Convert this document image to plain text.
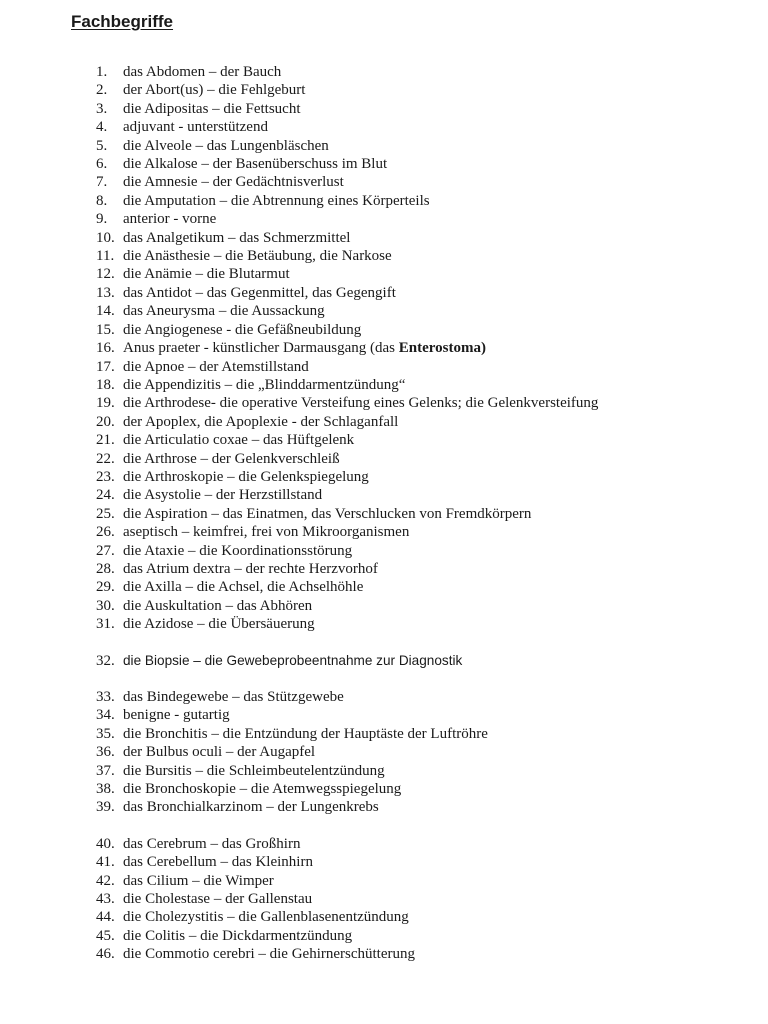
Fachbegriffe
1.	das Abdomen – der Bauch
2.	der Abort(us) – die Fehlgeburt
3.	die Adipositas – die Fettsucht
4.	adjuvant - unterstützend
5.	die Alveole – das Lungenbläschen
6.	die Alkalose – der Basenüberschuss im Blut
7.	die Amnesie – der Gedächtnisverlust
8.	die Amputation – die Abtrennung eines Körperteils
9.	anterior - vorne
10. das Analgetikum – das Schmerzmittel
11. die Anästhesie – die Betäubung, die Narkose
12. die Anämie – die Blutarmut
13. das Antidot – das Gegenmittel, das Gegengift
14. das Aneurysma – die Aussackung
15. die Angiogenese - die Gefäßneubildung
16. Anus praeter - künstlicher Darmausgang (das Enterostoma)
17. die Apnoe – der Atemstillstand
18. die Appendizitis – die „Blinddarmentzündung“
19. die Arthrodese- die operative Versteifung eines Gelenks; die Gelenkversteifung
20. der Apoplex, die Apoplexie - der Schlaganfall
21. die Articulatio coxae – das Hüftgelenk
22. die Arthrose – der Gelenkverschleiß
23. die Arthroskopie – die Gelenkspiegelung
24. die Asystolie – der Herzstillstand
25. die Aspiration – das Einatmen, das Verschlucken von Fremdkörpern
26. aseptisch – keimfrei, frei von Mikroorganismen
27. die Ataxie – die Koordinationsstörung
28. das Atrium dextra – der rechte Herzvorhof
29. die Axilla – die Achsel, die Achselhöhle
30. die Auskultation – das Abhören
31. die Azidose – die Übersäuerung
32. die Biopsie – die Gewebeprobeentnahme zur Diagnostik
33. das Bindegewebe – das Stützgewebe
34. benigne - gutartig
35. die Bronchitis – die Entzündung der Hauptäste der Luftröhre
36. der Bulbus oculi – der Augapfel
37. die Bursitis – die Schleimbeutelentzündung
38. die Bronchoskopie – die Atemwegsspiegelung
39. das Bronchialkarzinom – der Lungenkrebs
40. das Cerebrum – das Großhirn
41. das Cerebellum – das Kleinhirn
42. das Cilium – die Wimper
43. die Cholestase – der Gallenstau
44. die Cholezystitis – die Gallenblasenentzündung
45. die Colitis – die Dickdarmentzündung
46. die Commotio cerebri – die Gehirnerschütterung
